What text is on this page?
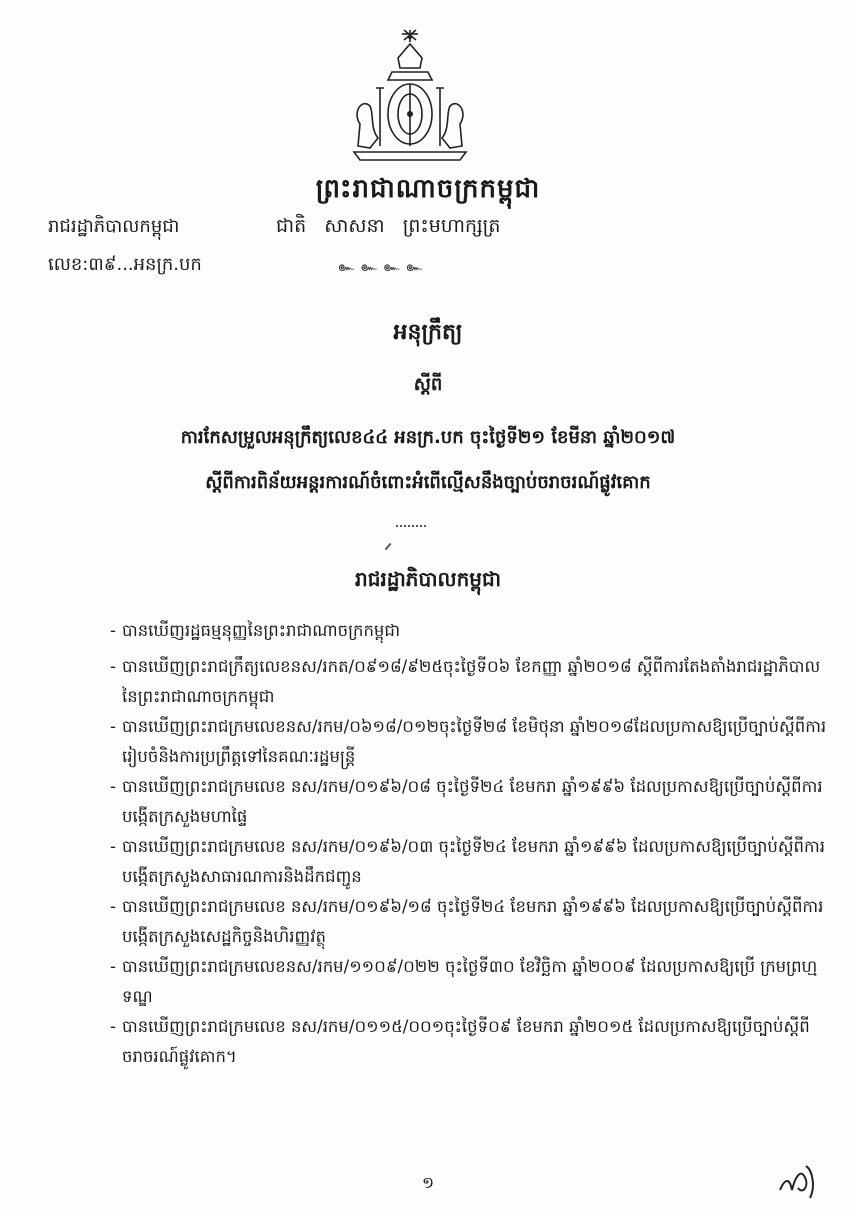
ព្រះរាជាណាចក្រកម្ពុជា
រាជរដ្ឋាភិបាលកម្ពុជា	ជាតិ   សាសនា   ព្រះមហាក្សត្រ
លេខ:៣៩...អនក្រ.បក	๛ ๛ ๛ ๛
អនុក្រឹត្យ
ស្ដីពី
ការកែសម្រួលអនុក្រឹត្យលេខ៤៤ អនក្រ.បក ចុះថ្ងៃទី២១ ខែមីនា ឆ្នាំ២០១៧
ស្ដីពីការពិន័យអន្តរការណ៍ចំពោះអំពើល្មើសនឹងច្បាប់ចរាចរណ៍ផ្លូវគោក
រាជរដ្ឋាភិបាលកម្ពុជា
- បានឃើញរដ្ឋធម្មនុញ្ញនៃព្រះរាជាណាចក្រកម្ពុជា
- បានឃើញព្រះរាជក្រឹត្យលេខនស/រកត/០៩១៨/៩២៥ចុះថ្ងៃទី០៦ ខែកញ្ញា ឆ្នាំ២០១៨ ស្ដីពីការតែងតាំងរាជរដ្ឋាភិបាលនៃព្រះរាជាណាចក្រកម្ពុជា
- បានឃើញព្រះរាជក្រមលេខនស/រកម/០៦១៨/០១២ចុះថ្ងៃទី២៨ ខែមិថុនា ឆ្នាំ២០១៨ដែលប្រកាសឱ្យប្រើច្បាប់ស្ដីពីការរៀបចំនិងការប្រព្រឹត្តទៅនៃគណៈរដ្ឋមន្ត្រី
- បានឃើញព្រះរាជក្រមលេខ នស/រកម/០១៩៦/០៨ ចុះថ្ងៃទី២៤ ខែមករា ឆ្នាំ១៩៩៦ ដែលប្រកាសឱ្យប្រើច្បាប់ស្ដីពីការបង្កើតក្រសួងមហាផ្ទៃ
- បានឃើញព្រះរាជក្រមលេខ នស/រកម/០១៩៦/០៣ ចុះថ្ងៃទី២៤ ខែមករា ឆ្នាំ១៩៩៦ ដែលប្រកាសឱ្យប្រើច្បាប់ស្ដីពីការបង្កើតក្រសួងសាធារណការនិងដឹកជញ្ជូន
- បានឃើញព្រះរាជក្រមលេខ នស/រកម/០១៩៦/១៨ ចុះថ្ងៃទី២៤ ខែមករា ឆ្នាំ១៩៩៦ ដែលប្រកាសឱ្យប្រើច្បាប់ស្ដីពីការបង្កើតក្រសួងសេដ្ឋកិច្ចនិងហិរញ្ញវត្ថុ
- បានឃើញព្រះរាជក្រមលេខនស/រកម/១១០៩/០២២ ចុះថ្ងៃទី៣០ ខែវិច្ឆិកា ឆ្នាំ២០០៩ ដែលប្រកាសឱ្យប្រើ ក្រមព្រហ្មទណ្ឌ
- បានឃើញព្រះរាជក្រមលេខ នស/រកម/០១១៥/០០១ចុះថ្ងៃទី០៩ ខែមករា ឆ្នាំ២០១៥ ដែលប្រកាសឱ្យប្រើច្បាប់ស្ដីពីចរាចរណ៍ផ្លូវគោក។
១
